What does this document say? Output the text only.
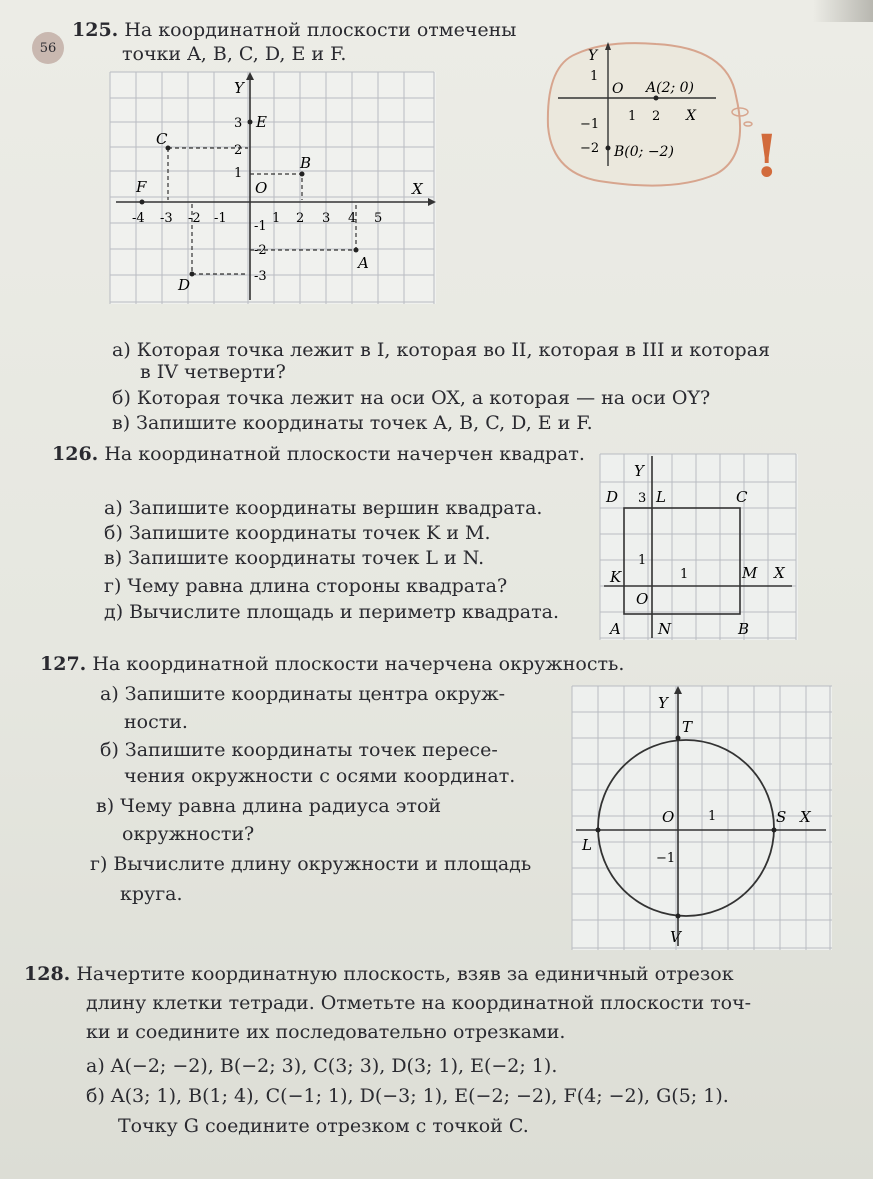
56
125. На координатной плоскости отмечены
точки A, B, C, D, E и F.
Y
X
O
-4 -3 -2 -1	1 2 3 4 5
3
2
1
-1
-2
-3
C
B
A
D
E
F
Y
X
O
1
−1
−2
1 2
A(2; 0)
B(0; −2) !
а) Которая точка лежит в I, которая во II, которая в III и которая
в IV четверти?
б) Которая точка лежит на оси OX, а которая — на оси OY?
в) Запишите координаты точек A, B, C, D, E и F.
126. На координатной плоскости начерчен квадрат.
а) Запишите координаты вершин квадрата.
б) Запишите координаты точек K и M.
в) Запишите координаты точек L и N.
г) Чему равна длина стороны квадрата?
д) Вычислите площадь и периметр квадрата.
Y
X
O
3
1
1
D	L	C
K	M
A N	B
127. На координатной плоскости начерчена окружность.
а) Запишите координаты центра окруж-
ности.
б) Запишите координаты точек пересе-
чения окружности с осями координат.
в) Чему равна длина радиуса этой
окружности?
г) Вычислите длину окружности и площадь
круга.
Y
X
O	1
−1
T
S
L
V
128. Начертите координатную плоскость, взяв за единичный отрезок
длину клетки тетради. Отметьте на координатной плоскости точ-
ки и соедините их последовательно отрезками.
а) A(−2; −2), B(−2; 3), C(3; 3), D(3; 1), E(−2; 1).
б) A(3; 1), B(1; 4), C(−1; 1), D(−3; 1), E(−2; −2), F(4; −2), G(5; 1).
Точку G соедините отрезком с точкой C.
